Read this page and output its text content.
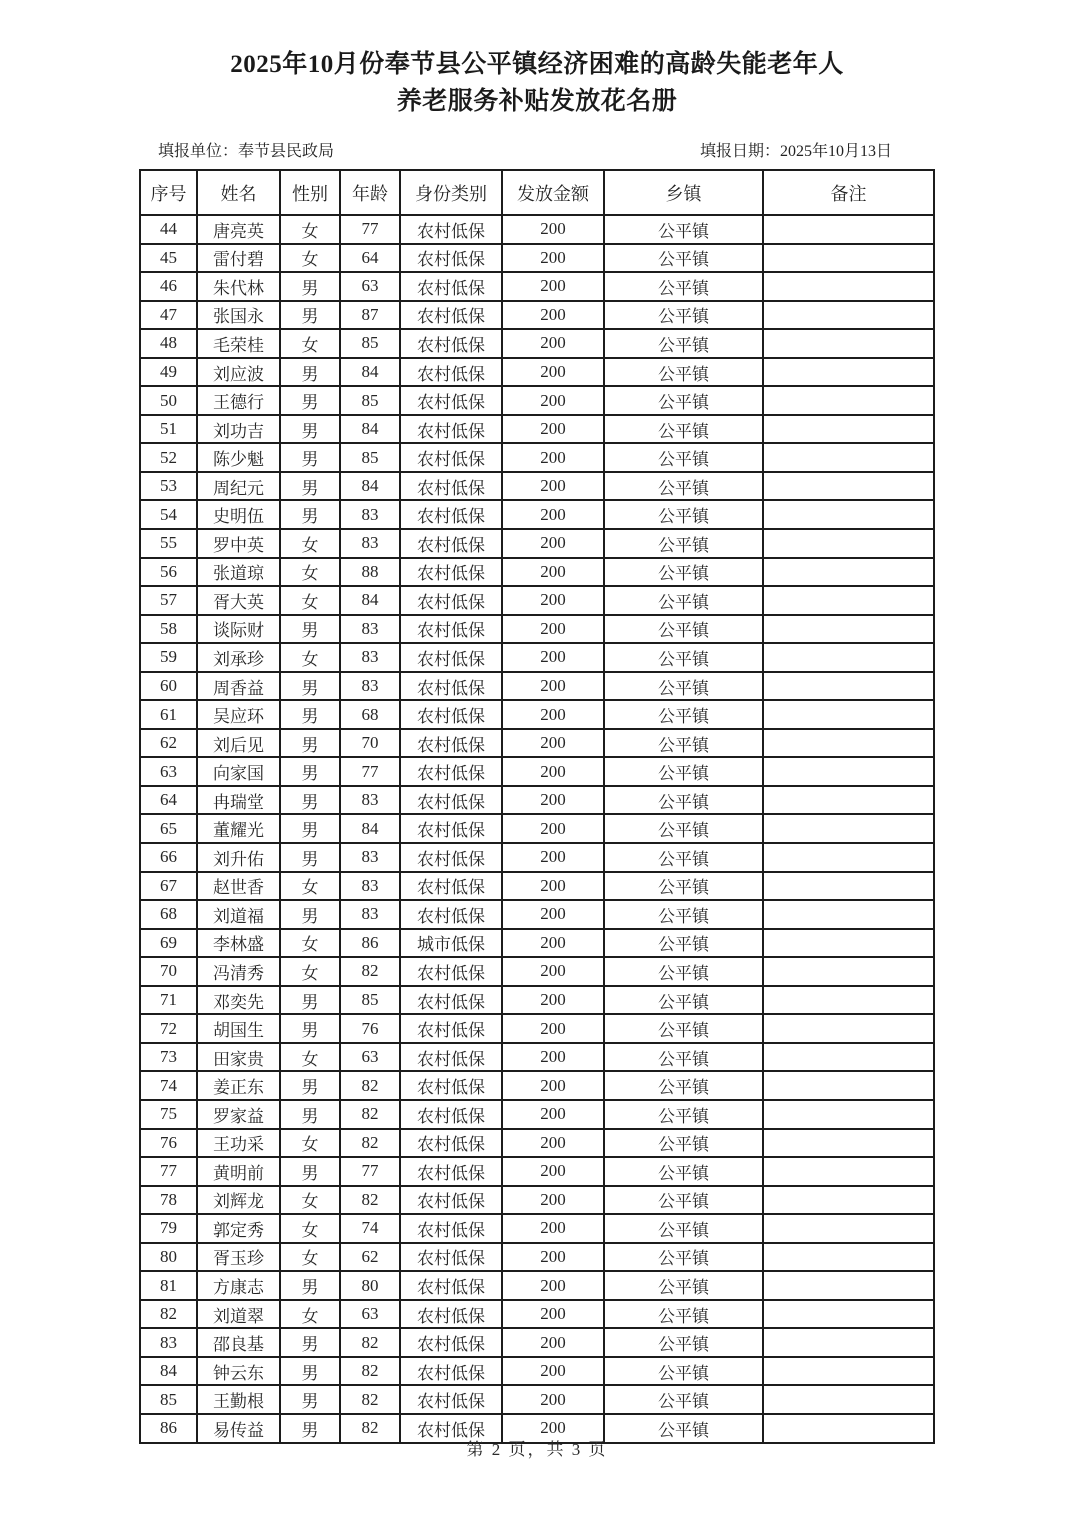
2025年10月份奉节县公平镇经济困难的高龄失能老年人
养老服务补贴发放花名册
填报单位：奉节县民政局	填报日期：2025年10月13日
序号	姓名	性别	年龄	身份类别	发放金额	乡镇	备注
44	唐亮英	女	77	农村低保	200	公平镇	
45	雷付碧	女	64	农村低保	200	公平镇	
46	朱代林	男	63	农村低保	200	公平镇	
47	张国永	男	87	农村低保	200	公平镇	
48	毛荣桂	女	85	农村低保	200	公平镇	
49	刘应波	男	84	农村低保	200	公平镇	
50	王德行	男	85	农村低保	200	公平镇	
51	刘功吉	男	84	农村低保	200	公平镇	
52	陈少魁	男	85	农村低保	200	公平镇	
53	周纪元	男	84	农村低保	200	公平镇	
54	史明伍	男	83	农村低保	200	公平镇	
55	罗中英	女	83	农村低保	200	公平镇	
56	张道琼	女	88	农村低保	200	公平镇	
57	胥大英	女	84	农村低保	200	公平镇	
58	谈际财	男	83	农村低保	200	公平镇	
59	刘承珍	女	83	农村低保	200	公平镇	
60	周香益	男	83	农村低保	200	公平镇	
61	吴应环	男	68	农村低保	200	公平镇	
62	刘后见	男	70	农村低保	200	公平镇	
63	向家国	男	77	农村低保	200	公平镇	
64	冉瑞堂	男	83	农村低保	200	公平镇	
65	董耀光	男	84	农村低保	200	公平镇	
66	刘升佑	男	83	农村低保	200	公平镇	
67	赵世香	女	83	农村低保	200	公平镇	
68	刘道福	男	83	农村低保	200	公平镇	
69	李林盛	女	86	城市低保	200	公平镇	
70	冯清秀	女	82	农村低保	200	公平镇	
71	邓奕先	男	85	农村低保	200	公平镇	
72	胡国生	男	76	农村低保	200	公平镇	
73	田家贵	女	63	农村低保	200	公平镇	
74	姜正东	男	82	农村低保	200	公平镇	
75	罗家益	男	82	农村低保	200	公平镇	
76	王功采	女	82	农村低保	200	公平镇	
77	黄明前	男	77	农村低保	200	公平镇	
78	刘辉龙	女	82	农村低保	200	公平镇	
79	郭定秀	女	74	农村低保	200	公平镇	
80	胥玉珍	女	62	农村低保	200	公平镇	
81	方康志	男	80	农村低保	200	公平镇	
82	刘道翠	女	63	农村低保	200	公平镇	
83	邵良基	男	82	农村低保	200	公平镇	
84	钟云东	男	82	农村低保	200	公平镇	
85	王勤根	男	82	农村低保	200	公平镇	
86	易传益	男	82	农村低保	200	公平镇	
第 2 页，共 3 页
